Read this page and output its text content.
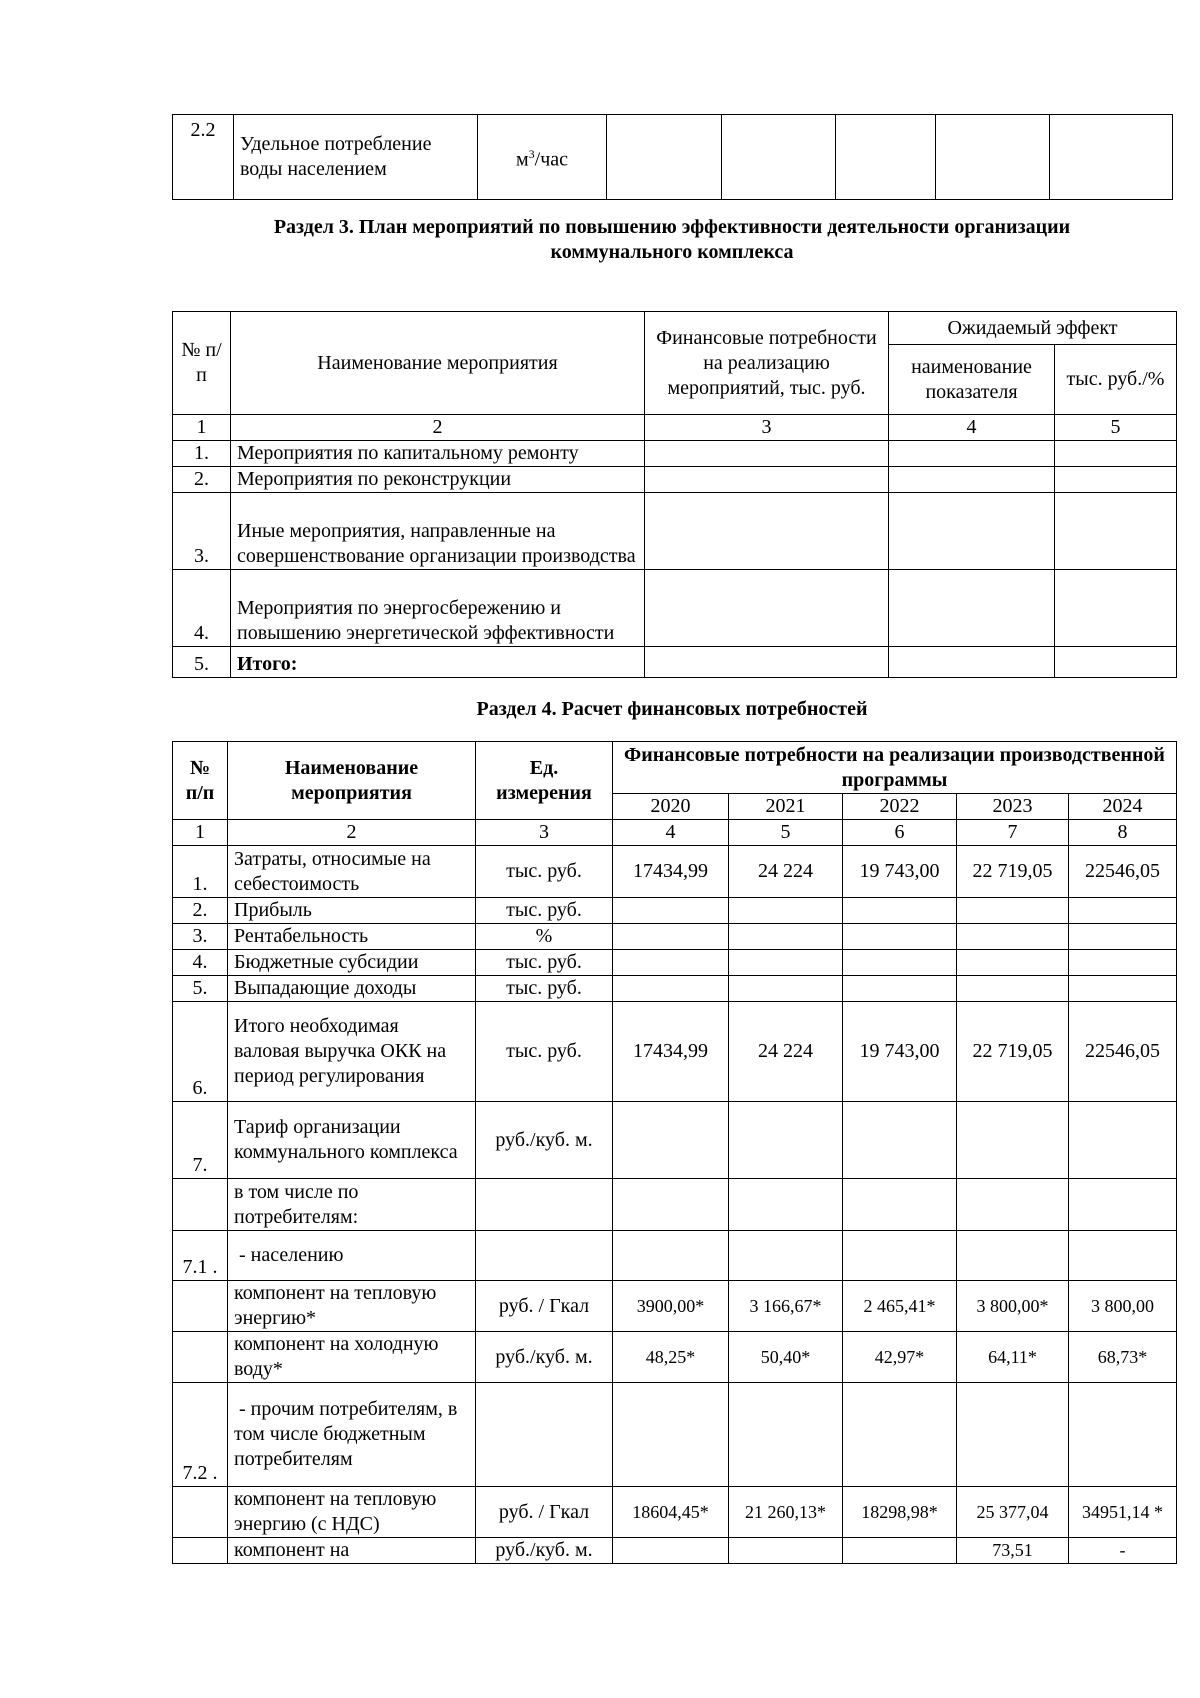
2.2	Удельное потребление воды населением	$м^3$/час					
Раздел 3. План мероприятий по повышению эффективности деятельности организации
коммунального комплекса
№ п/п	Наименование мероприятия	Финансовые потребности на реализацию мероприятий, тыс. руб.	Ожидаемый эффект	
			наименование показателя	тыс. руб./%
1	2	3	4	5
1.	Мероприятия по капитальному ремонту			
2.	Мероприятия по реконструкции			
3.	Иные мероприятия, направленные на совершенствование организации производства			
4.	Мероприятия по энергосбережению и повышению энергетической эффективности			
5.	Итого:			
Раздел 4. Расчет финансовых потребностей
№ п/п	Наименование мероприятия	Ед. измерения	Финансовые потребности на реализации производственной программы				
			2020	2021	2022	2023	2024
1	2	3	4	5	6	7	8
1.	Затраты, относимые на себестоимость	тыс. руб.	17434,99	24 224	19 743,00	22 719,05	22546,05
2.	Прибыль	тыс. руб.					
3.	Рентабельность	%					
4.	Бюджетные субсидии	тыс. руб.					
5.	Выпадающие доходы	тыс. руб.					
6.	Итого необходимая валовая выручка ОКК на период регулирования	тыс. руб.	17434,99	24 224	19 743,00	22 719,05	22546,05
7.	Тариф организации коммунального комплекса	руб./куб. м.					
	в том числе по потребителям:						
7.1 .	- населению						
	компонент на тепловую энергию*	руб. / Гкал	3900,00*	3 166,67*	2 465,41*	3 800,00*	3 800,00
	компонент на холодную воду*	руб./куб. м.	48,25*	50,40*	42,97*	64,11*	68,73*
7.2 .	- прочим потребителям, в том числе бюджетным потребителям						
	компонент на тепловую энергию (с НДС)	руб. / Гкал	18604,45*	21 260,13*	18298,98*	25 377,04	34951,14 *
	компонент на	руб./куб. м.				73,51	-
